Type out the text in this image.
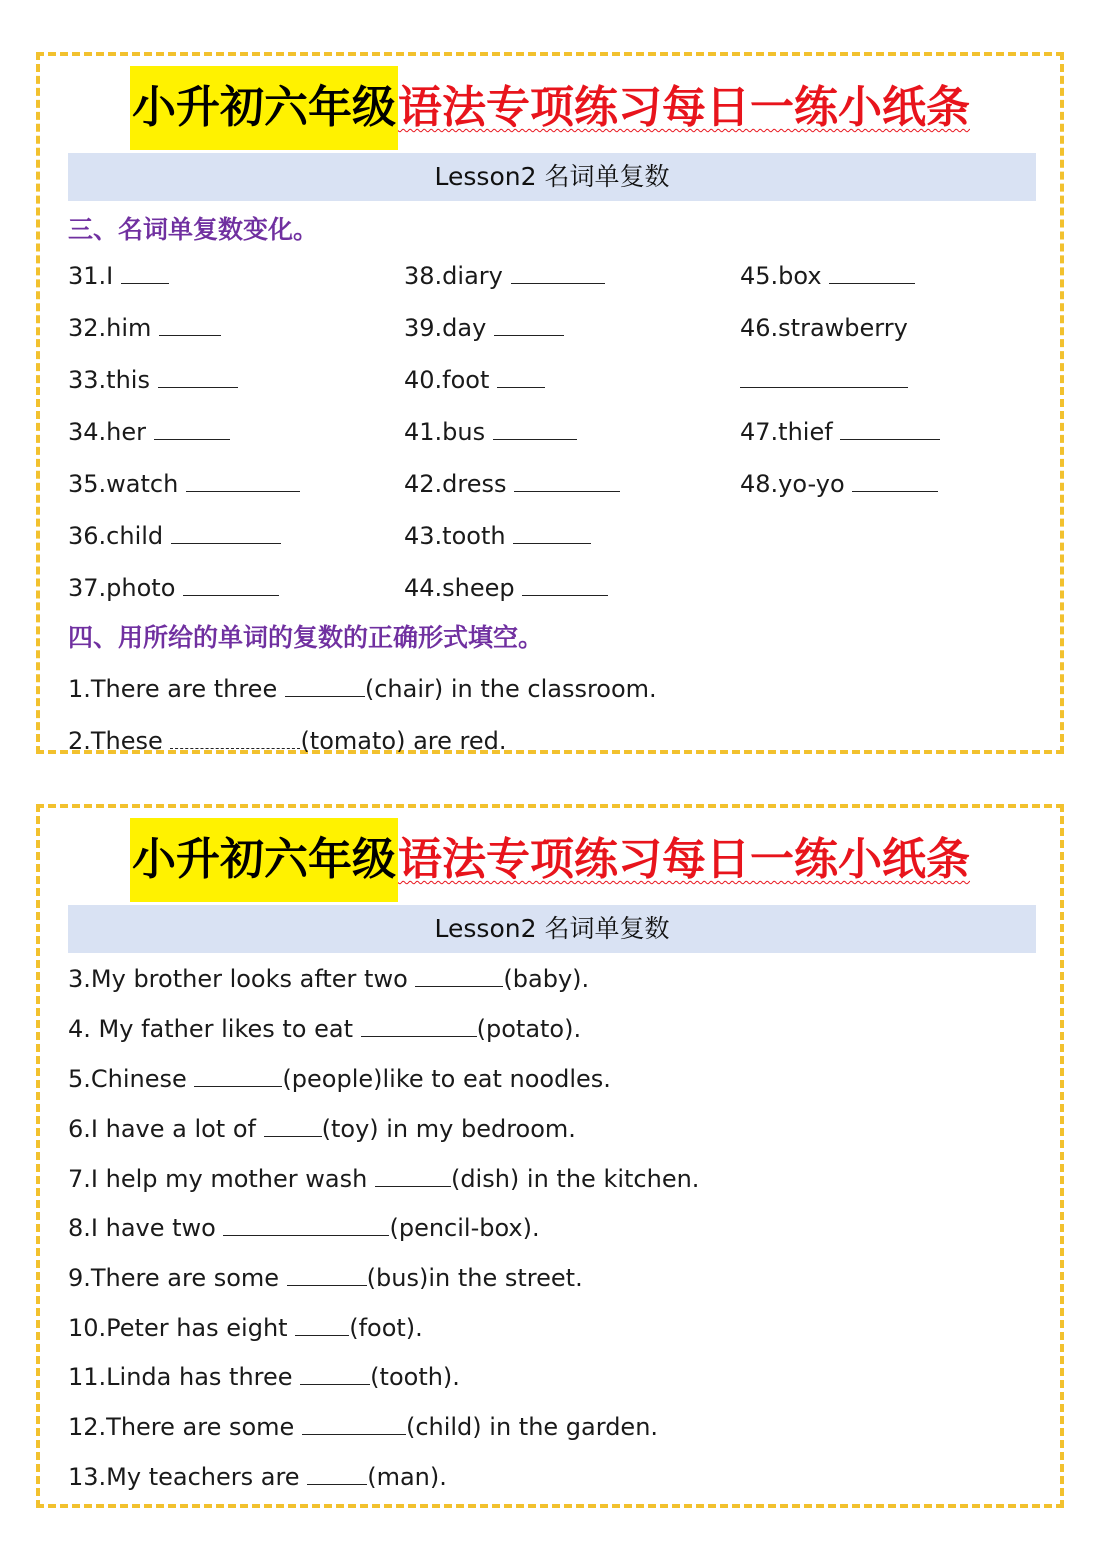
小升初六年级语法专项练习每日一练小纸条
Lesson2 名词单复数
三、名词单复数变化。
31.I
32.him
33.this
34.her
35.watch
36.child
37.photo
38.diary
39.day
40.foot
41.bus
42.dress
43.tooth
44.sheep
45.box
46.strawberry
47.thief
48.yo-yo
四、用所给的单词的复数的正确形式填空。
1.There are three	(chair) in the classroom.
2.These	(tomato) are red.
小升初六年级语法专项练习每日一练小纸条
Lesson2 名词单复数
3.My brother looks after two	(baby).
4. My father likes to eat	(potato).
5.Chinese	(people)like to eat noodles.
6.I have a lot of (toy) in my bedroom.
7.I help my mother wash	(dish) in the kitchen.
8.I have two	(pencil-box).
9.There are some	(bus)in the street.
10.Peter has eight (foot).
11.Linda has three	(tooth).
12.There are some	(child) in the garden.
13.My teachers are	(man).
